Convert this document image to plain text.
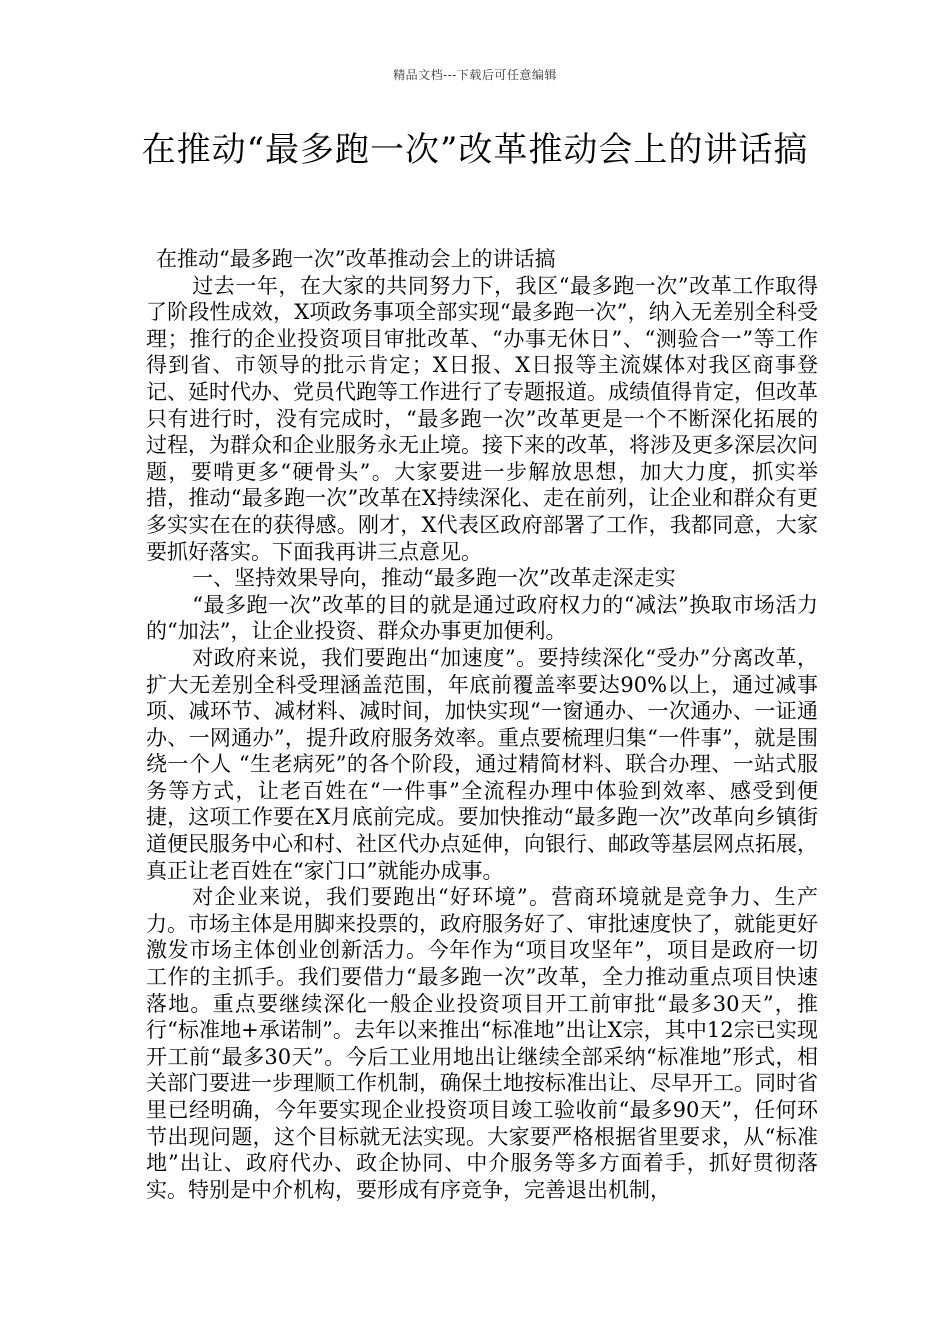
精品文档---下载后可任意编辑
在推动“最多跑一次”改革推动会上的讲话搞

在推动“最多跑一次”改革推动会上的讲话搞

过去一年，在大家的共同努力下，我区“最多跑一次”改革工作取得了阶段性成效，X项政务事项全部实现“最多跑一次”，纳入无差别全科受理；推行的企业投资项目审批改革、“办事无休日”、“测验合一”等工作得到省、市领导的批示肯定；X日报、X日报等主流媒体对我区商事登记、延时代办、党员代跑等工作进行了专题报道。成绩值得肯定，但改革只有进行时，没有完成时，“最多跑一次”改革更是一个不断深化拓展的过程，为群众和企业服务永无止境。接下来的改革，将涉及更多深层次问题，要啃更多“硬骨头”。大家要进一步解放思想，加大力度，抓实举措，推动“最多跑一次”改革在X持续深化、走在前列，让企业和群众有更多实实在在的获得感。刚才，X代表区政府部署了工作，我都同意，大家要抓好落实。下面我再讲三点意见。

一、坚持效果导向，推动“最多跑一次”改革走深走实

“最多跑一次”改革的目的就是通过政府权力的“减法”换取市场活力的“加法”，让企业投资、群众办事更加便利。

对政府来说，我们要跑出“加速度”。要持续深化“受办”分离改革，扩大无差别全科受理涵盖范围，年底前覆盖率要达90%以上，通过减事项、减环节、减材料、减时间，加快实现“一窗通办、一次通办、一证通办、一网通办”，提升政府服务效率。重点要梳理归集“一件事”，就是围绕一个人 “生老病死”的各个阶段，通过精简材料、联合办理、一站式服务等方式，让老百姓在“一件事”全流程办理中体验到效率、感受到便捷，这项工作要在X月底前完成。要加快推动“最多跑一次”改革向乡镇街道便民服务中心和村、社区代办点延伸，向银行、邮政等基层网点拓展，真正让老百姓在“家门口”就能办成事。

对企业来说，我们要跑出“好环境”。营商环境就是竞争力、生产力。市场主体是用脚来投票的，政府服务好了、审批速度快了，就能更好激发市场主体创业创新活力。今年作为“项目攻坚年”，项目是政府一切工作的主抓手。我们要借力“最多跑一次”改革，全力推动重点项目快速落地。重点要继续深化一般企业投资项目开工前审批“最多30天”，推行“标准地+承诺制”。去年以来推出“标准地”出让X宗，其中12宗已实现开工前“最多30天”。今后工业用地出让继续全部采纳“标准地”形式，相关部门要进一步理顺工作机制，确保土地按标准出让、尽早开工。同时省里已经明确，今年要实现企业投资项目竣工验收前“最多90天”，任何环节出现问题，这个目标就无法实现。大家要严格根据省里要求，从“标准地”出让、政府代办、政企协同、中介服务等多方面着手，抓好贯彻落实。特别是中介机构，要形成有序竞争，完善退出机制，
